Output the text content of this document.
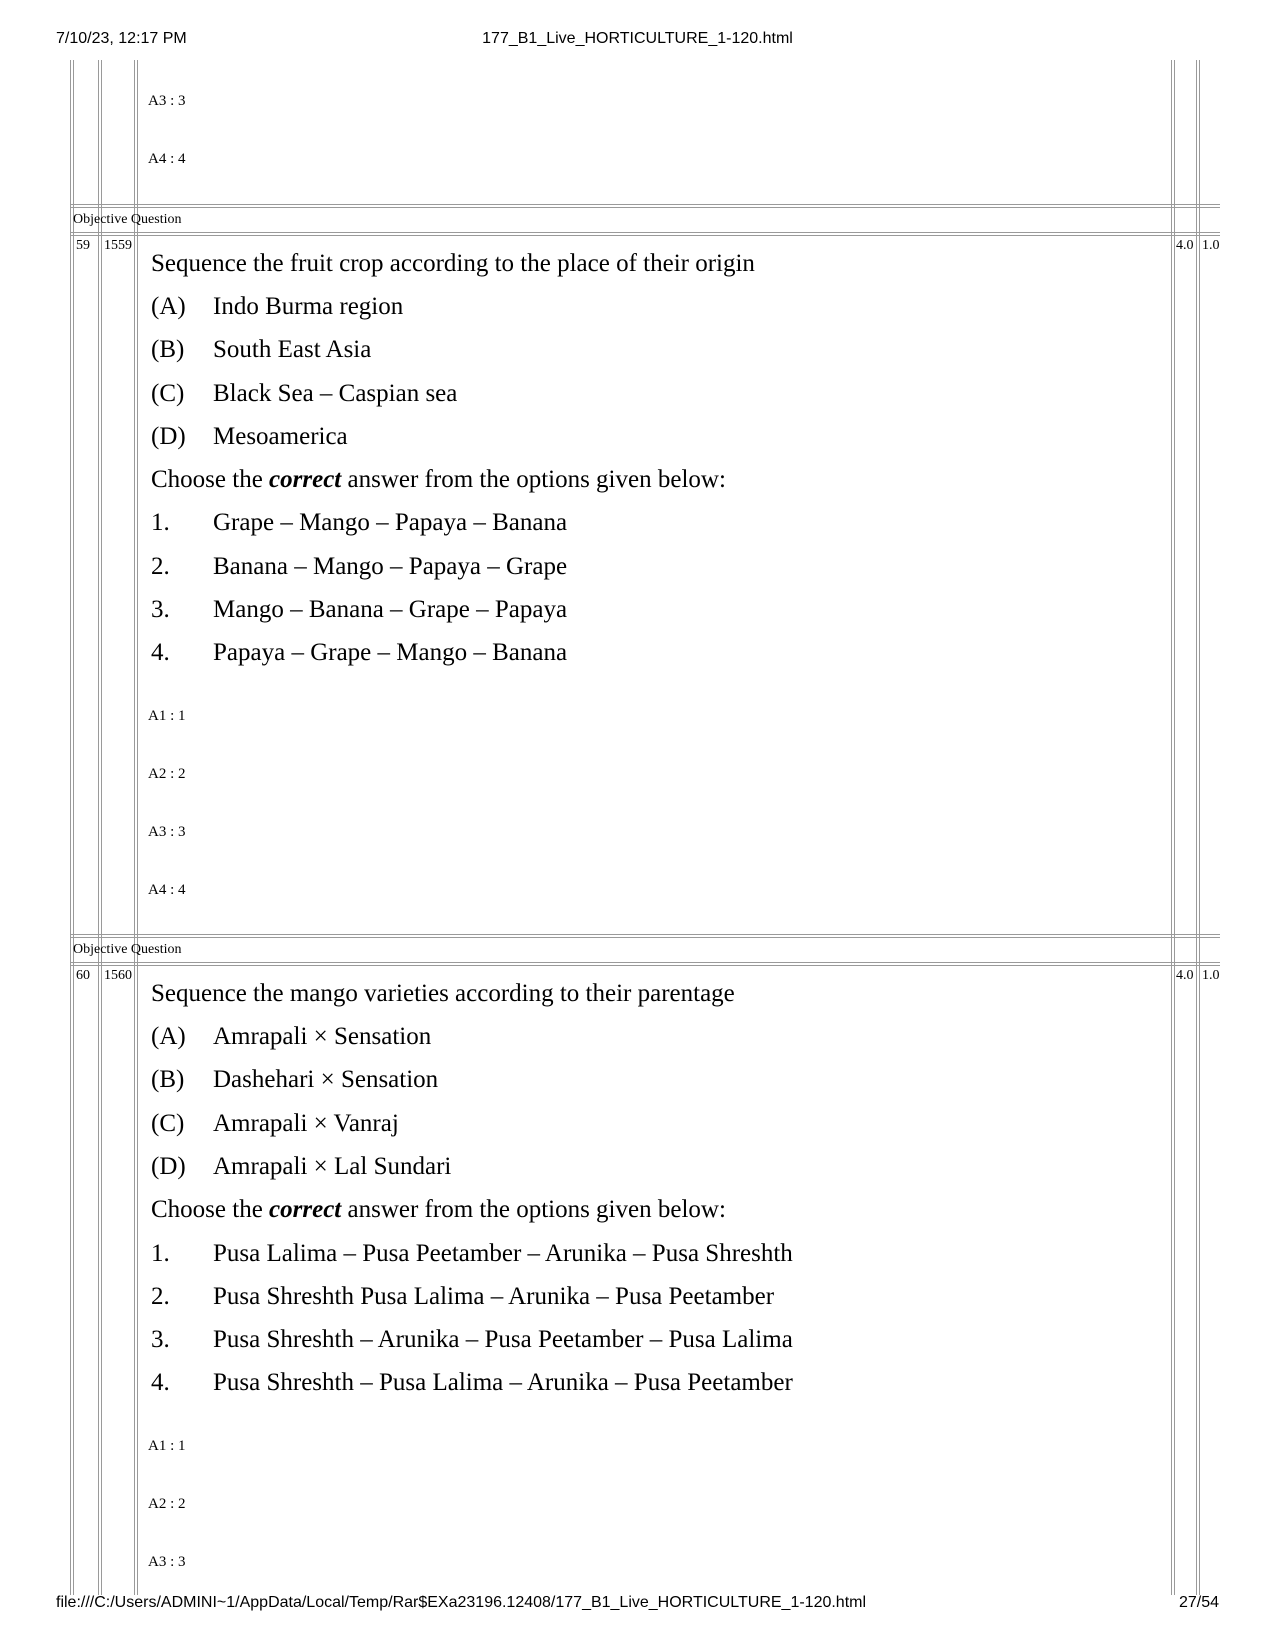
7/10/23, 12:17 PM	177_B1_Live_HORTICULTURE_1-120.html
A3 : 3
A4 : 4
Objective Question
59 1559	4.0 1.0
Sequence the fruit crop according to the place of their origin
(A) Indo Burma region
(B) South East Asia
(C) Black Sea – Caspian sea
(D) Mesoamerica
Choose the correct answer from the options given below:
1. Grape – Mango – Papaya – Banana
2. Banana – Mango – Papaya – Grape
3. Mango – Banana – Grape – Papaya
4. Papaya – Grape – Mango – Banana
A1 : 1
A2 : 2
A3 : 3
A4 : 4
Objective Question
60 1560	4.0 1.0
Sequence the mango varieties according to their parentage
(A) Amrapali × Sensation
(B) Dashehari × Sensation
(C) Amrapali × Vanraj
(D) Amrapali × Lal Sundari
Choose the correct answer from the options given below:
1. Pusa Lalima – Pusa Peetamber – Arunika – Pusa Shreshth
2. Pusa Shreshth Pusa Lalima – Arunika – Pusa Peetamber
3. Pusa Shreshth – Arunika – Pusa Peetamber – Pusa Lalima
4. Pusa Shreshth – Pusa Lalima – Arunika – Pusa Peetamber
A1 : 1
A2 : 2
A3 : 3
file:///C:/Users/ADMINI~1/AppData/Local/Temp/Rar$EXa23196.12408/177_B1_Live_HORTICULTURE_1-120.html	27/54
